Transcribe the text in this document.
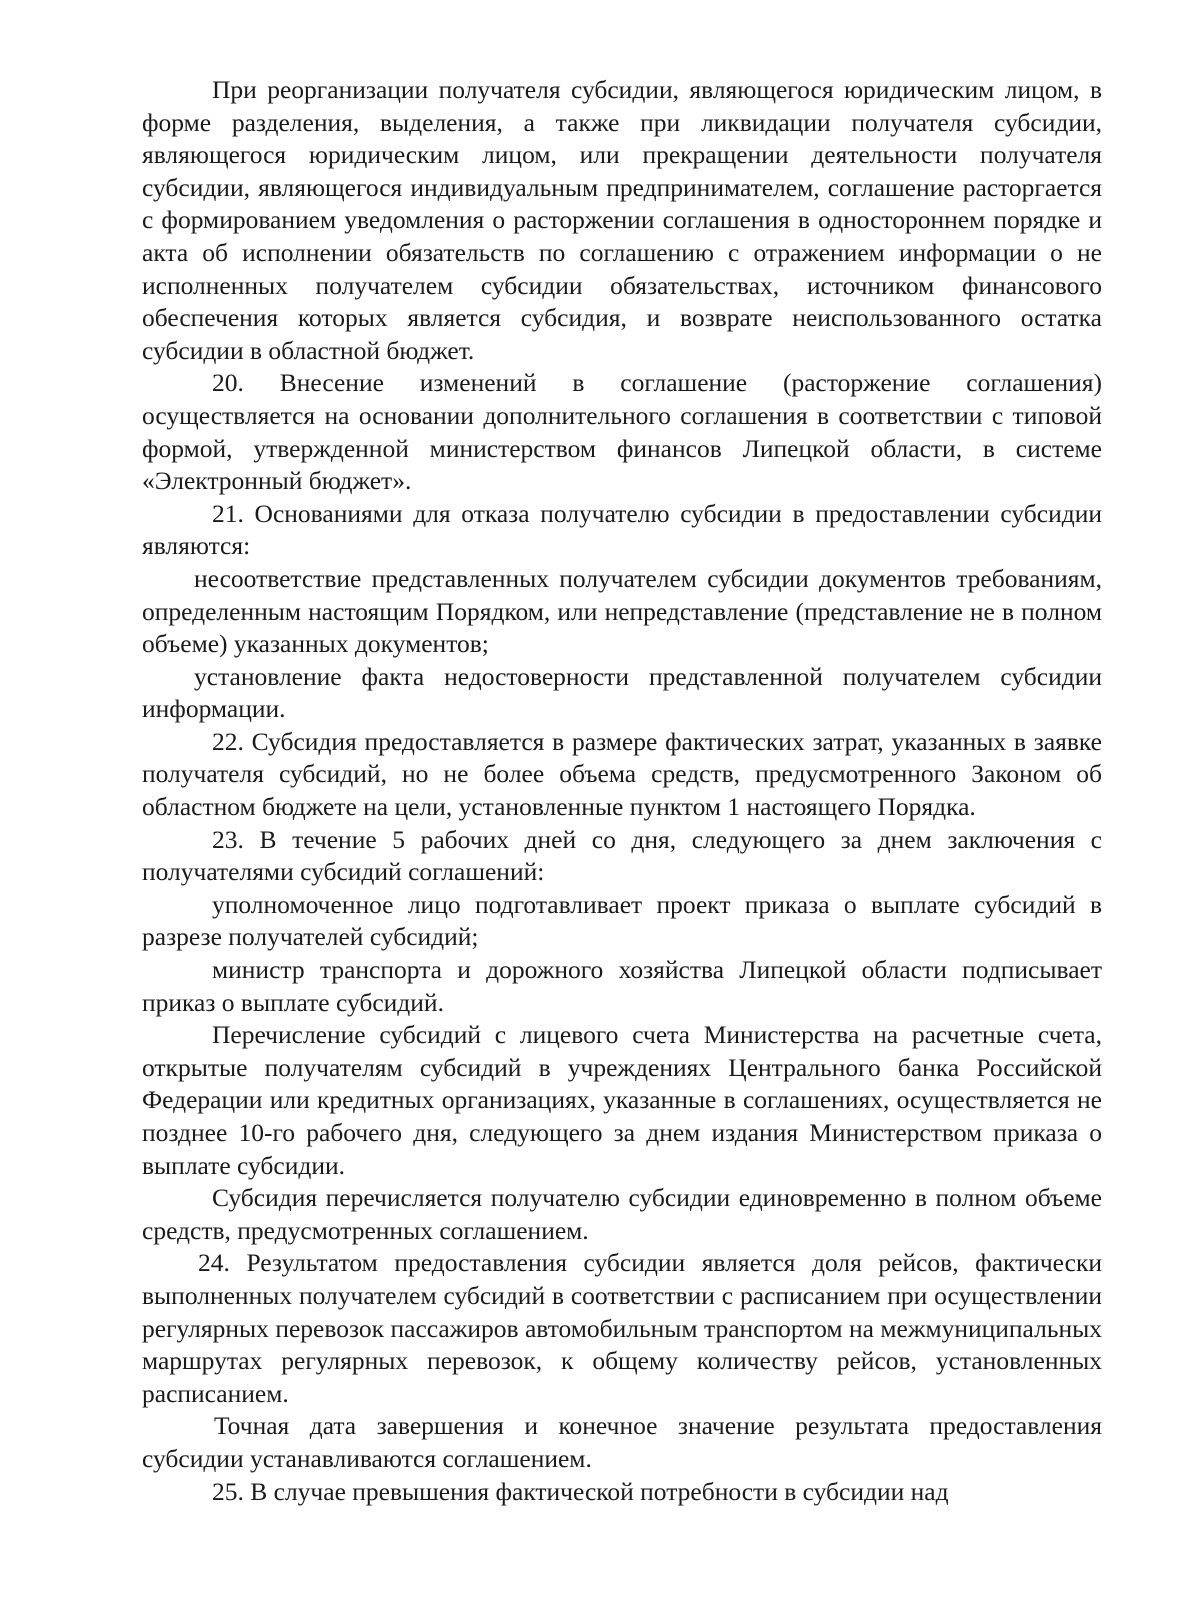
При реорганизации получателя субсидии, являющегося юридическим лицом, в форме разделения, выделения, а также при ликвидации получателя субсидии, являющегося юридическим лицом, или прекращении деятельности получателя субсидии, являющегося индивидуальным предпринимателем, соглашение расторгается с формированием уведомления о расторжении соглашения в одностороннем порядке и акта об исполнении обязательств по соглашению с отражением информации о не исполненных получателем субсидии обязательствах, источником финансового обеспечения которых является субсидия, и возврате неиспользованного остатка субсидии в областной бюджет.

20. Внесение изменений в соглашение (расторжение соглашения) осуществляется на основании дополнительного соглашения в соответствии с типовой формой, утвержденной министерством финансов Липецкой области, в системе «Электронный бюджет».

21. Основаниями для отказа получателю субсидии в предоставлении субсидии являются:

несоответствие представленных получателем субсидии документов требованиям, определенным настоящим Порядком, или непредставление (представление не в полном объеме) указанных документов;

установление факта недостоверности представленной получателем субсидии информации.

22. Субсидия предоставляется в размере фактических затрат, указанных в заявке получателя субсидий, но не более объема средств, предусмотренного Законом об областном бюджете на цели, установленные пунктом 1 настоящего Порядка.

23. В течение 5 рабочих дней со дня, следующего за днем заключения с получателями субсидий соглашений:

уполномоченное лицо подготавливает проект приказа о выплате субсидий в разрезе получателей субсидий;

министр транспорта и дорожного хозяйства Липецкой области подписывает приказ о выплате субсидий.

Перечисление субсидий с лицевого счета Министерства на расчетные счета, открытые получателям субсидий в учреждениях Центрального банка Российской Федерации или кредитных организациях, указанные в соглашениях, осуществляется не позднее 10-го рабочего дня, следующего за днем издания Министерством приказа о выплате субсидии.

Субсидия перечисляется получателю субсидии единовременно в полном объеме средств, предусмотренных соглашением.

24. Результатом предоставления субсидии является доля рейсов, фактически выполненных получателем субсидий в соответствии с расписанием при осуществлении регулярных перевозок пассажиров автомобильным транспортом на межмуниципальных маршрутах регулярных перевозок, к общему количеству рейсов, установленных расписанием.

Точная дата завершения и конечное значение результата предоставления субсидии устанавливаются соглашением.

25. В случае превышения фактической потребности в субсидии над
